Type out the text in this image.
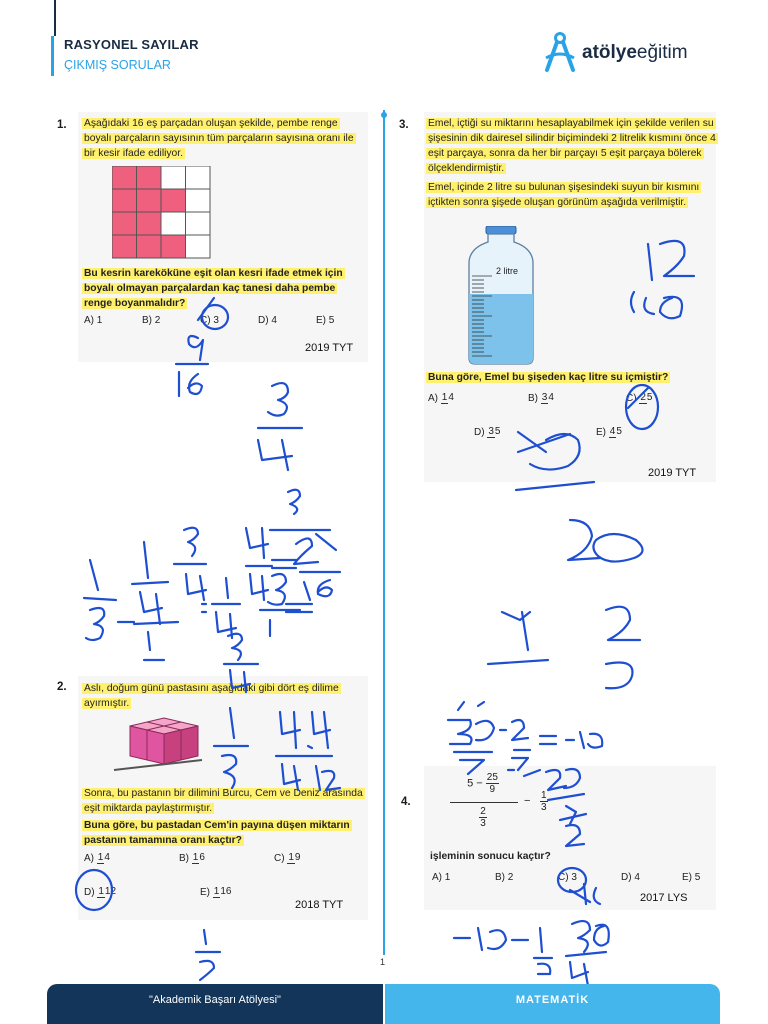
RASYONEL SAYILAR
ÇIKMIŞ SORULAR
atölyeeğitim
1. Aşağıdaki 16 eş parçadan oluşan şekilde, pembe renge boyalı parçaların sayısının tüm parçaların sayısına oranı ile bir kesir ifade ediliyor.
Bu kesrin kareköküne eşit olan kesri ifade etmek için boyalı olmayan parçalardan kaç tanesi daha pembe renge boyanmalıdır?
A) 1	B) 2	C) 3	D) 4	E) 5
2019 TYT
2. Aslı, doğum günü pastasını aşağıdaki gibi dört eş dilime ayırmıştır.
Sonra, bu pastanın bir dilimini Burcu, Cem ve Deniz arasında eşit miktarda paylaştırmıştır.
Buna göre, bu pastadan Cem'in payına düşen miktarın pastanın tamamına oranı kaçtır?
A) 14	B) 16	C) 19
D) 112	E) 116
2018 TYT
3. Emel, içtiği su miktarını hesaplayabilmek için şekilde verilen su şişesinin dik dairesel silindir biçimindeki 2 litrelik kısmını önce 4 eşit parçaya, sonra da her bir parçayı 5 eşit parçaya bölerek ölçeklendirmiştir.
Emel, içinde 2 litre su bulunan şişesindeki suyun bir kısmını içtikten sonra şişede oluşan görünüm aşağıda verilmiştir.
2 litre
Buna göre, Emel bu şişeden kaç litre su içmiştir?
A) 14	B) 34	C) 25
D) 35	E) 45
2019 TYT
4.
$5 - \frac{25}{9}$
$\frac{2}{3}$
− $\frac{1}{3}$
işleminin sonucu kaçtır?
A) 1	B) 2	C) 3	D) 4	E) 5
2017 LYS
1
"Akademik Başarı Atölyesi"	MATEMATİK
